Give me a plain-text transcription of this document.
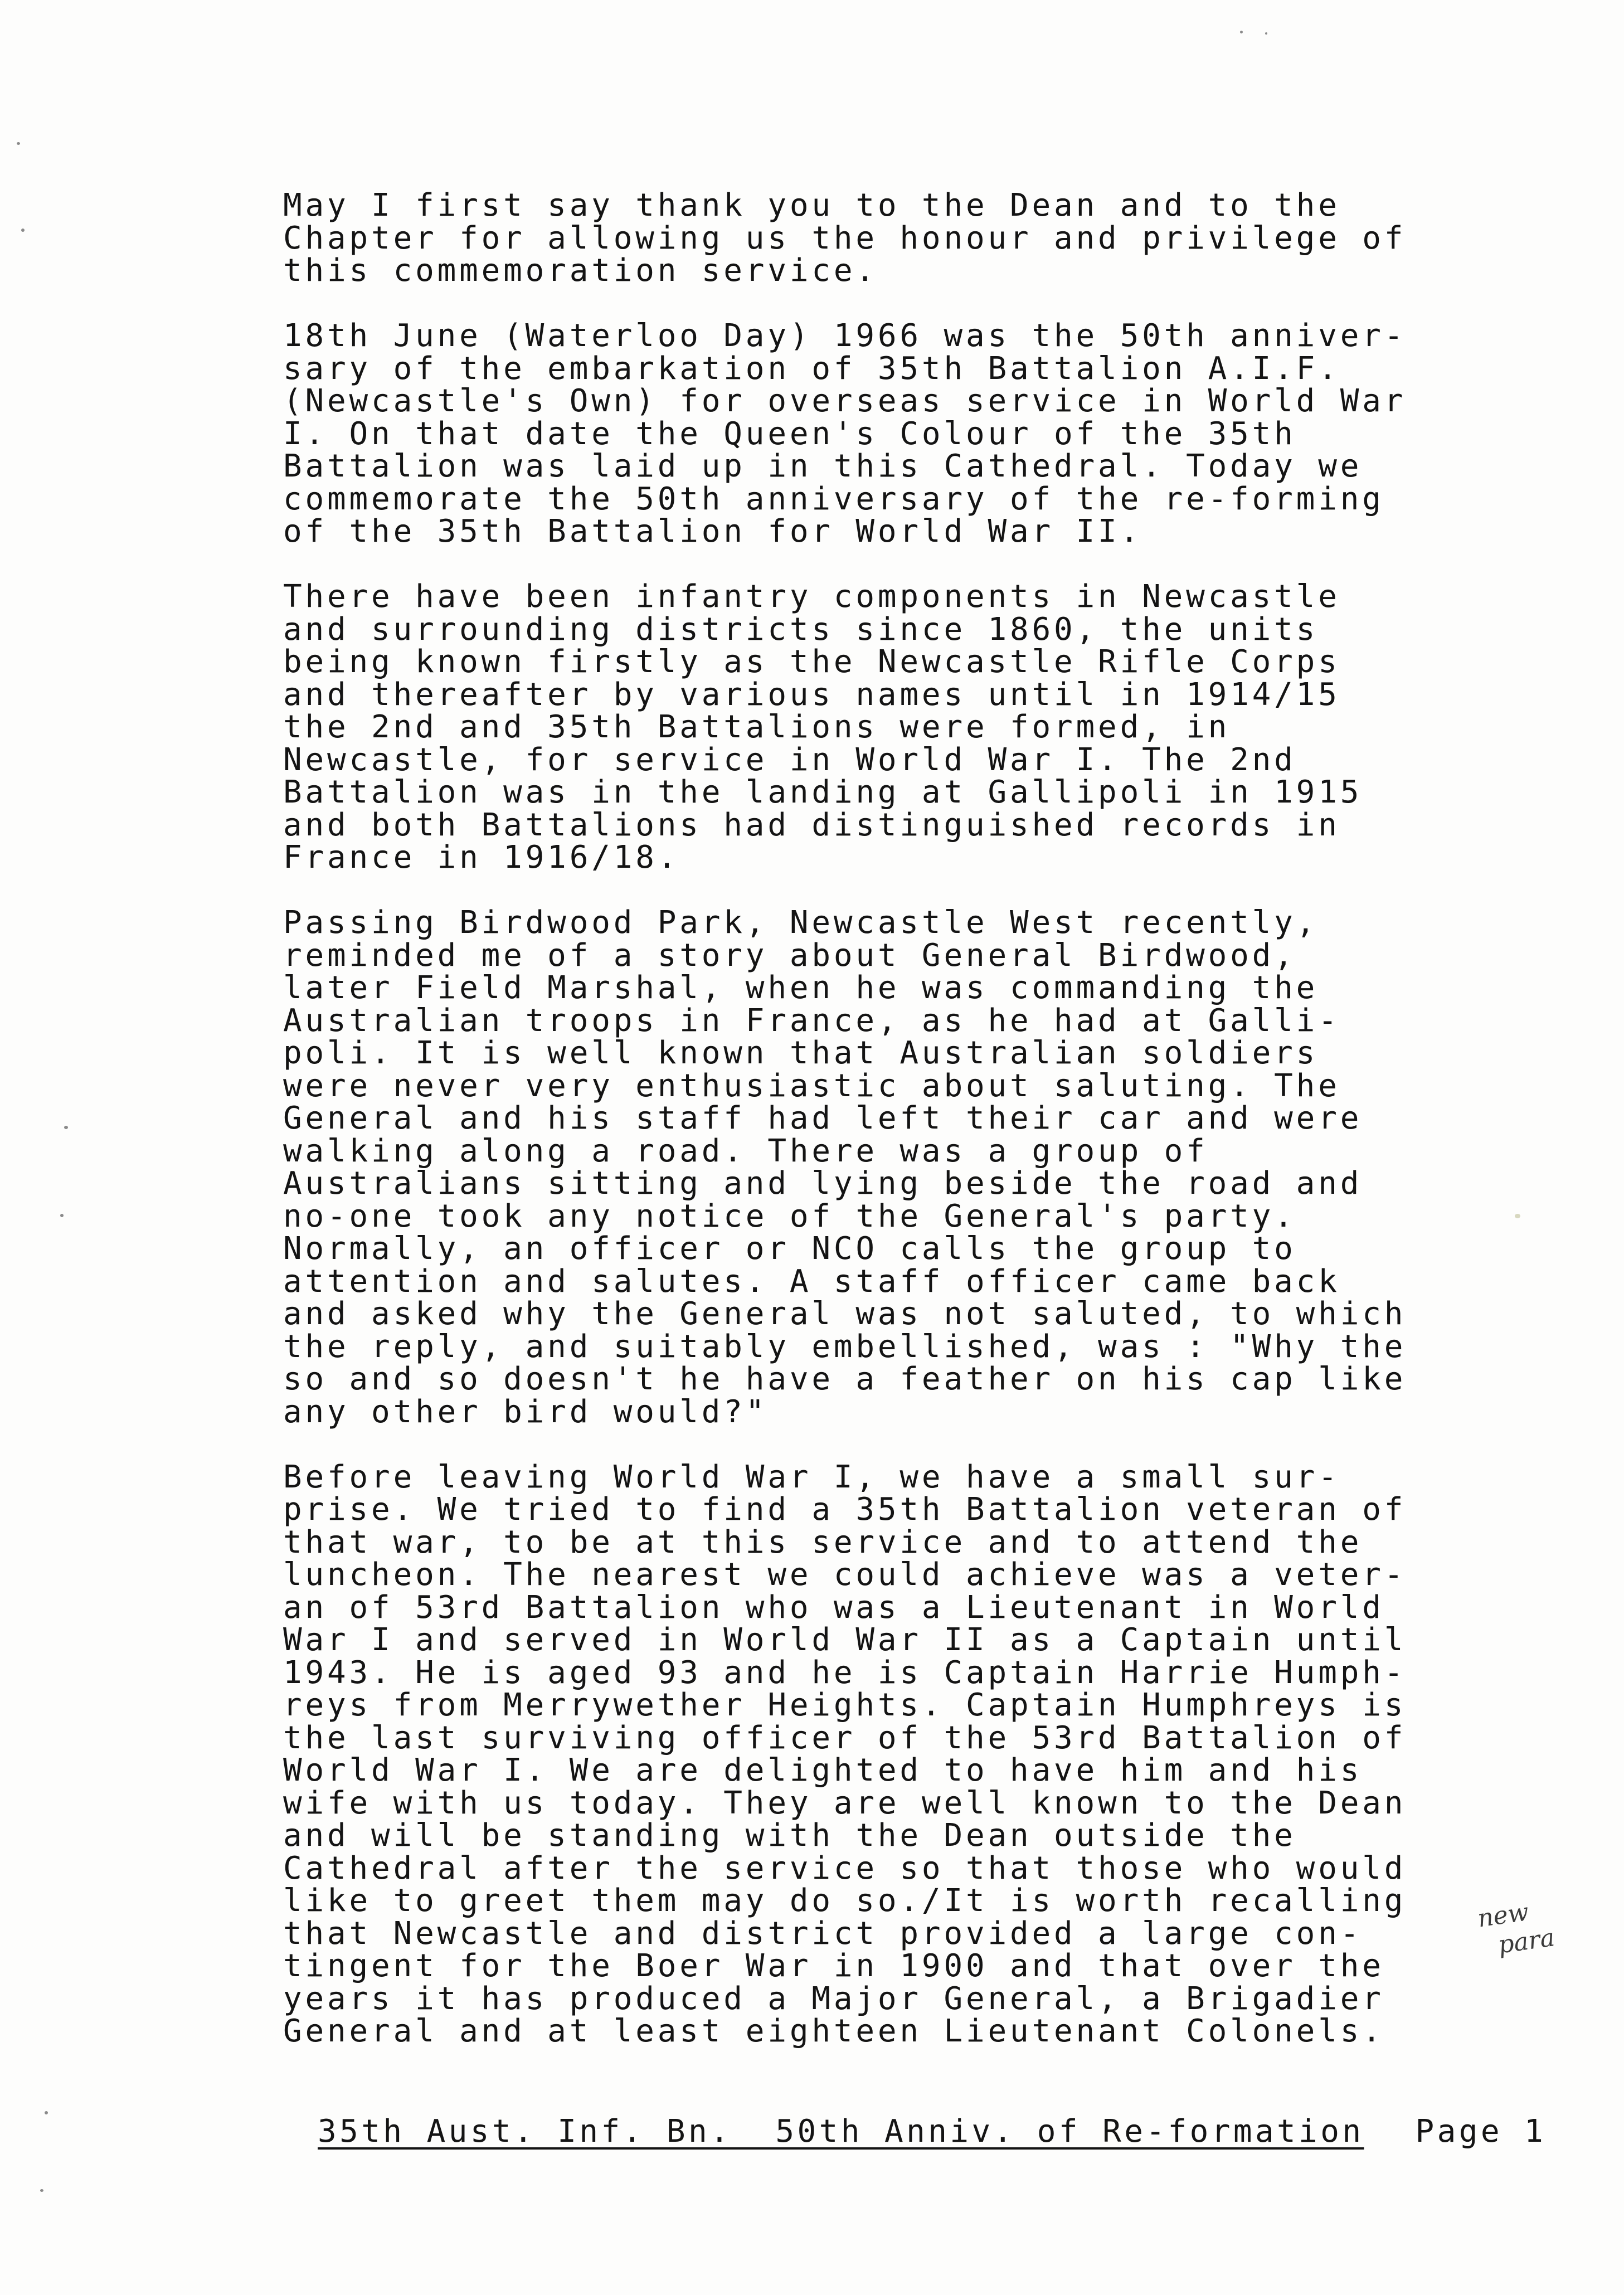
May I first say thank you to the Dean and to the
Chapter for allowing us the honour and privilege of
this commemoration service.
18th June (Waterloo Day) 1966 was the 50th anniver-
sary of the embarkation of 35th Battalion A.I.F.
(Newcastle's Own) for overseas service in World War
I. On that date the Queen's Colour of the 35th
Battalion was laid up in this Cathedral. Today we
commemorate the 50th anniversary of the re-forming
of the 35th Battalion for World War II.
There have been infantry components in Newcastle
and surrounding districts since 1860, the units
being known firstly as the Newcastle Rifle Corps
and thereafter by various names until in 1914/15
the 2nd and 35th Battalions were formed, in
Newcastle, for service in World War I. The 2nd
Battalion was in the landing at Gallipoli in 1915
and both Battalions had distinguished records in
France in 1916/18.
Passing Birdwood Park, Newcastle West recently,
reminded me of a story about General Birdwood,
later Field Marshal, when he was commanding the
Australian troops in France, as he had at Galli-
poli. It is well known that Australian soldiers
were never very enthusiastic about saluting. The
General and his staff had left their car and were
walking along a road. There was a group of
Australians sitting and lying beside the road and
no-one took any notice of the General's party.
Normally, an officer or NCO calls the group to
attention and salutes. A staff officer came back
and asked why the General was not saluted, to which
the reply, and suitably embellished, was : "Why the
so and so doesn't he have a feather on his cap like
any other bird would?"
Before leaving World War I, we have a small sur-
prise. We tried to find a 35th Battalion veteran of
that war, to be at this service and to attend the
luncheon. The nearest we could achieve was a veter-
an of 53rd Battalion who was a Lieutenant in World
War I and served in World War II as a Captain until
1943. He is aged 93 and he is Captain Harrie Humph-
reys from Merrywether Heights. Captain Humphreys is
the last surviving officer of the 53rd Battalion of
World War I. We are delighted to have him and his
wife with us today. They are well known to the Dean
and will be standing with the Dean outside the
Cathedral after the service so that those who would
like to greet them may do so./It is worth recalling
that Newcastle and district provided a large con-
tingent for the Boer War in 1900 and that over the
years it has produced a Major General, a Brigadier
General and at least eighteen Lieutenant Colonels.
new
para
35th Aust. Inf. Bn.  50th Anniv. of Re-formation Page 1
